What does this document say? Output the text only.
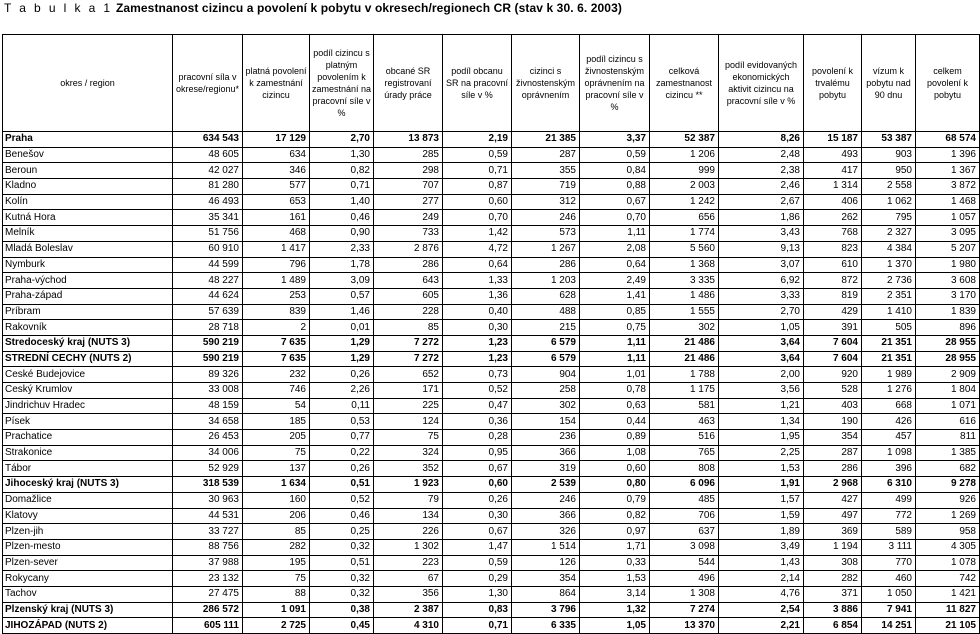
T a b u l k a 1 Zamestnanost cizincu a povolení k pobytu v okresech/regionech CR (stav k 30. 6. 2003)
okres / region	pracovní síla v okrese/regionu*	platná povolení k zamestnání cizincu	podíl cizincu s platným povolením k zamestnání na pracovní síle v %	obcané SR registrovaní úrady práce	podíl obcanu SR na pracovní síle v %	cizinci s živnostenským oprávnením	podíl cizincu s živnostenským oprávnením na pracovní síle v %	celková zamestnanost cizincu **	podíl evidovaných ekonomických aktivit cizincu na pracovní síle v %	povolení k trvalému pobytu	vízum k pobytu nad 90 dnu	celkem povolení k pobytu
Praha	634 543	17 129	2,70	13 873	2,19	21 385	3,37	52 387	8,26	15 187	53 387	68 574
Benešov	48 605	634	1,30	285	0,59	287	0,59	1 206	2,48	493	903	1 396
Beroun	42 027	346	0,82	298	0,71	355	0,84	999	2,38	417	950	1 367
Kladno	81 280	577	0,71	707	0,87	719	0,88	2 003	2,46	1 314	2 558	3 872
Kolín	46 493	653	1,40	277	0,60	312	0,67	1 242	2,67	406	1 062	1 468
Kutná Hora	35 341	161	0,46	249	0,70	246	0,70	656	1,86	262	795	1 057
Melník	51 756	468	0,90	733	1,42	573	1,11	1 774	3,43	768	2 327	3 095
Mladá Boleslav	60 910	1 417	2,33	2 876	4,72	1 267	2,08	5 560	9,13	823	4 384	5 207
Nymburk	44 599	796	1,78	286	0,64	286	0,64	1 368	3,07	610	1 370	1 980
Praha-východ	48 227	1 489	3,09	643	1,33	1 203	2,49	3 335	6,92	872	2 736	3 608
Praha-západ	44 624	253	0,57	605	1,36	628	1,41	1 486	3,33	819	2 351	3 170
Príbram	57 639	839	1,46	228	0,40	488	0,85	1 555	2,70	429	1 410	1 839
Rakovník	28 718	2	0,01	85	0,30	215	0,75	302	1,05	391	505	896
Stredoceský kraj (NUTS 3)	590 219	7 635	1,29	7 272	1,23	6 579	1,11	21 486	3,64	7 604	21 351	28 955
STREDNÍ CECHY (NUTS 2)	590 219	7 635	1,29	7 272	1,23	6 579	1,11	21 486	3,64	7 604	21 351	28 955
Ceské Budejovice	89 326	232	0,26	652	0,73	904	1,01	1 788	2,00	920	1 989	2 909
Ceský Krumlov	33 008	746	2,26	171	0,52	258	0,78	1 175	3,56	528	1 276	1 804
Jindrichuv Hradec	48 159	54	0,11	225	0,47	302	0,63	581	1,21	403	668	1 071
Písek	34 658	185	0,53	124	0,36	154	0,44	463	1,34	190	426	616
Prachatice	26 453	205	0,77	75	0,28	236	0,89	516	1,95	354	457	811
Strakonice	34 006	75	0,22	324	0,95	366	1,08	765	2,25	287	1 098	1 385
Tábor	52 929	137	0,26	352	0,67	319	0,60	808	1,53	286	396	682
Jihoceský kraj (NUTS 3)	318 539	1 634	0,51	1 923	0,60	2 539	0,80	6 096	1,91	2 968	6 310	9 278
Domažlice	30 963	160	0,52	79	0,26	246	0,79	485	1,57	427	499	926
Klatovy	44 531	206	0,46	134	0,30	366	0,82	706	1,59	497	772	1 269
Plzen-jih	33 727	85	0,25	226	0,67	326	0,97	637	1,89	369	589	958
Plzen-mesto	88 756	282	0,32	1 302	1,47	1 514	1,71	3 098	3,49	1 194	3 111	4 305
Plzen-sever	37 988	195	0,51	223	0,59	126	0,33	544	1,43	308	770	1 078
Rokycany	23 132	75	0,32	67	0,29	354	1,53	496	2,14	282	460	742
Tachov	27 475	88	0,32	356	1,30	864	3,14	1 308	4,76	371	1 050	1 421
Plzenský kraj (NUTS 3)	286 572	1 091	0,38	2 387	0,83	3 796	1,32	7 274	2,54	3 886	7 941	11 827
JIHOZÁPAD (NUTS 2)	605 111	2 725	0,45	4 310	0,71	6 335	1,05	13 370	2,21	6 854	14 251	21 105
